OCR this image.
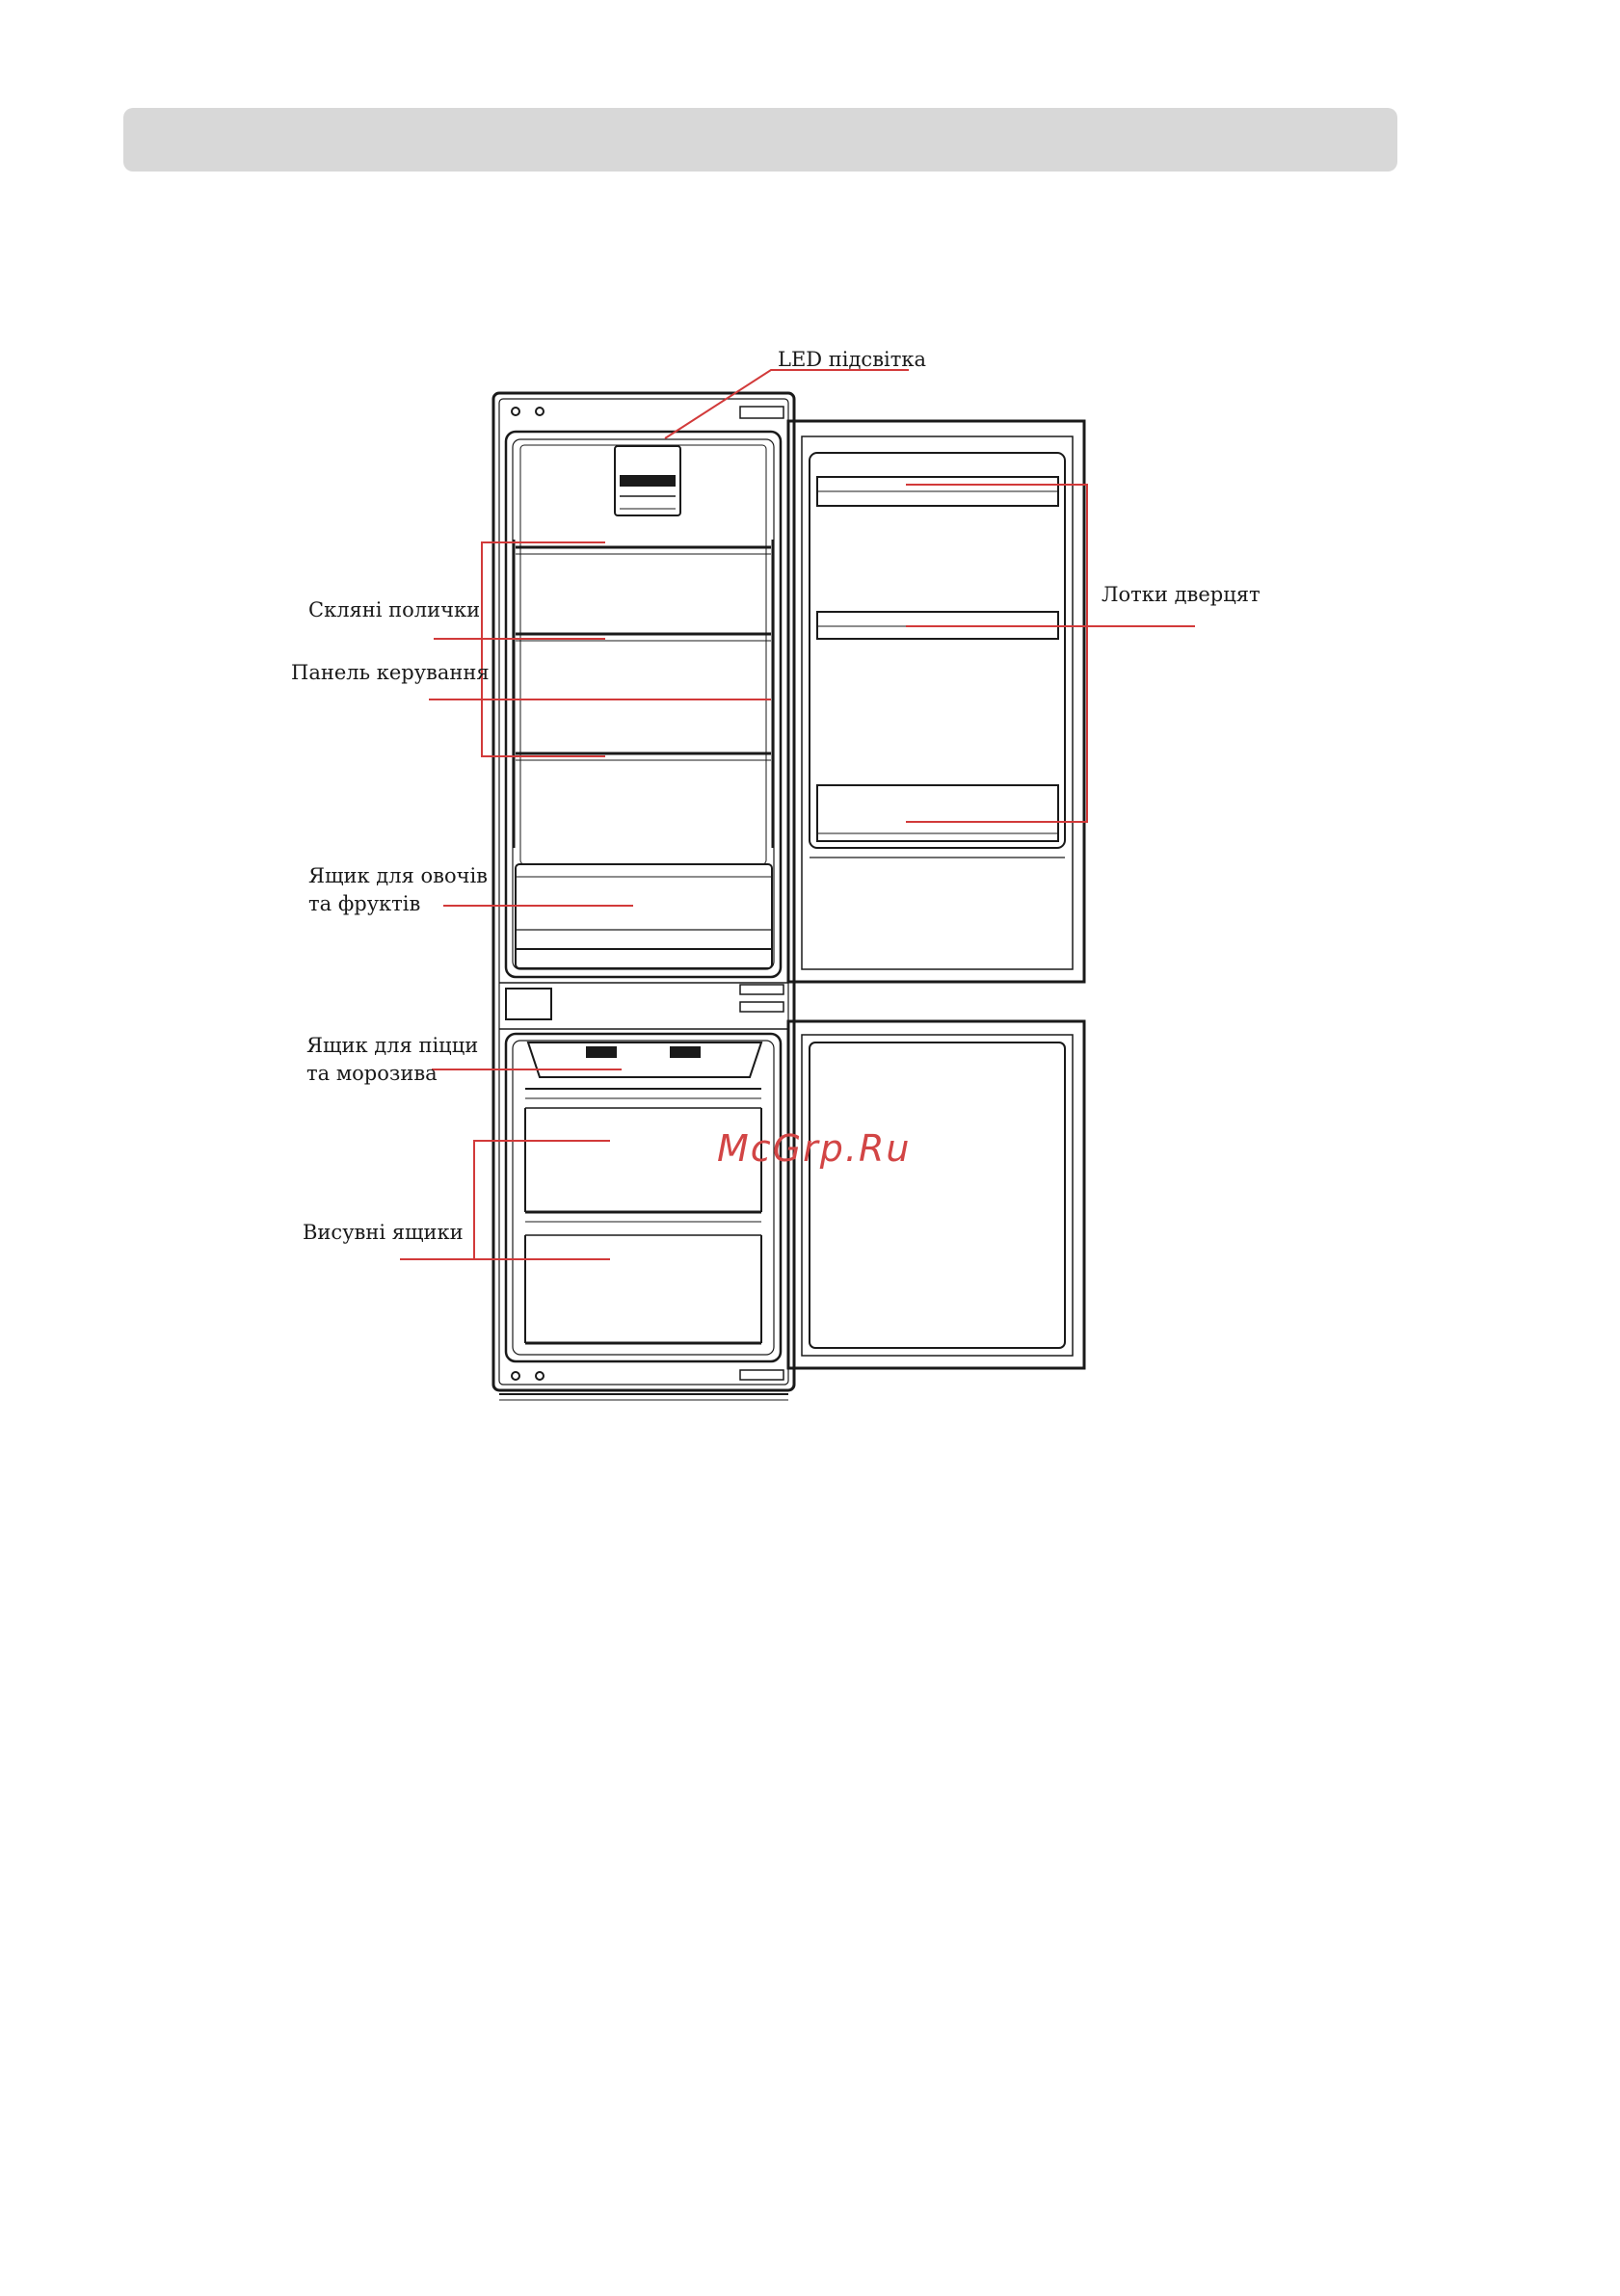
LED підсвітка
Скляні полички
Панель керування
Ящик для овочів
та фруктів
Ящик для піцци
та морозива
Висувні ящики
Лотки дверцят
McGrp.Ru
